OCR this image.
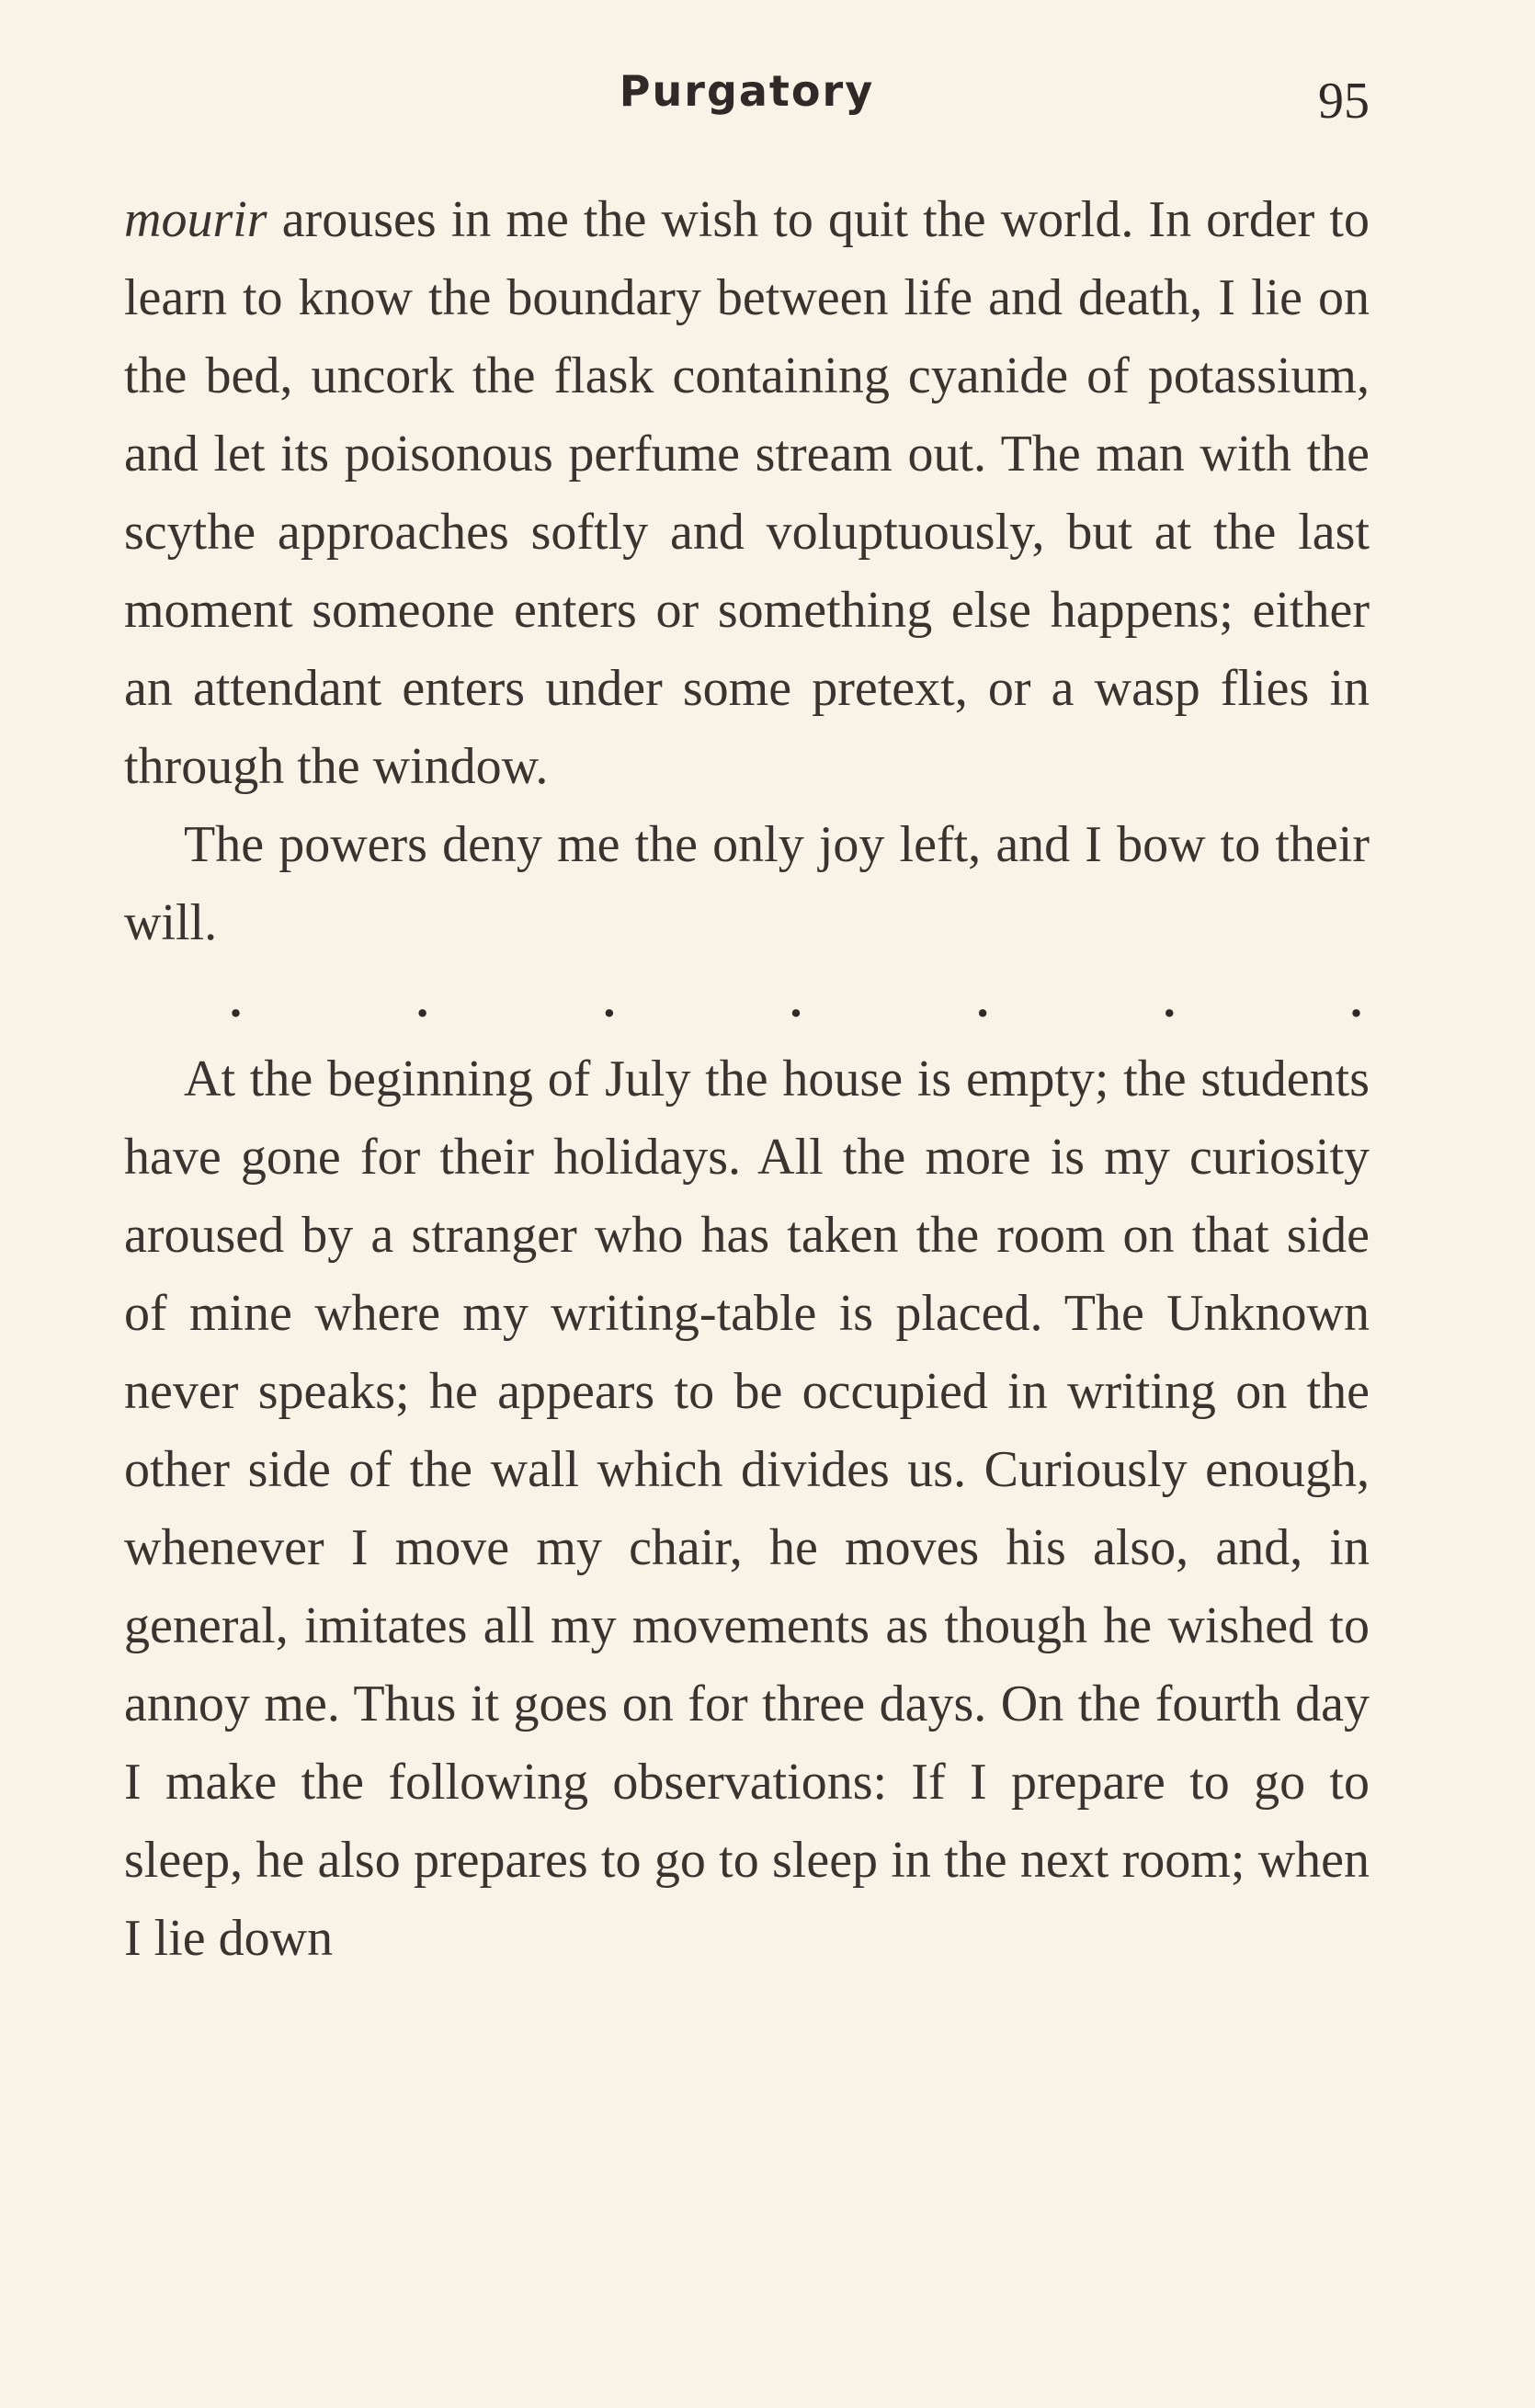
Purgatory	95

mourir arouses in me the wish to quit the world. In order to learn to know the boundary between life and death, I lie on the bed, uncork the flask containing cyanide of potassium, and let its poisonous perfume stream out. The man with the scythe approaches softly and voluptuously, but at the last moment someone enters or something else happens; either an attendant enters under some pretext, or a wasp flies in through the window.

The powers deny me the only joy left, and I bow to their will.

.	.	.	.	.	.	.

At the beginning of July the house is empty; the students have gone for their holidays. All the more is my curiosity aroused by a stranger who has taken the room on that side of mine where my writing-table is placed. The Unknown never speaks; he appears to be occupied in writing on the other side of the wall which divides us. Curiously enough, whenever I move my chair, he moves his also, and, in general, imitates all my movements as though he wished to annoy me. Thus it goes on for three days. On the fourth day I make the following observations: If I prepare to go to sleep, he also prepares to go to sleep in the next room; when I lie down
